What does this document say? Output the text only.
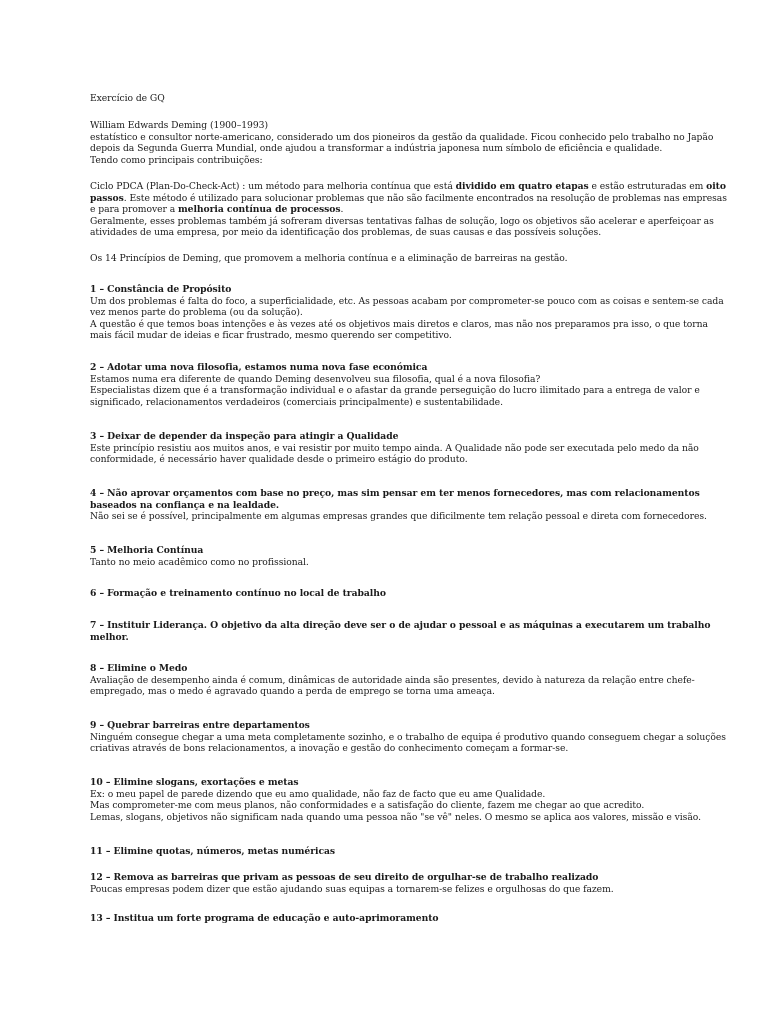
Exercício de GQ
William Edwards Deming (1900–1993)
estatístico e consultor norte-americano, considerado um dos pioneiros da gestão da qualidade. Ficou conhecido pelo trabalho no Japão
depois da Segunda Guerra Mundial, onde ajudou a transformar a indústria japonesa num símbolo de eficiência e qualidade.
Tendo como principais contribuições:
Ciclo PDCA (Plan-Do-Check-Act) : um método para melhoria contínua que está dividido em quatro etapas e estão estruturadas em oito
passos. Este método é utilizado para solucionar problemas que não são facilmente encontrados na resolução de problemas nas empresas
e para promover a melhoria contínua de processos.
Geralmente, esses problemas também já sofreram diversas tentativas falhas de solução, logo os objetivos são acelerar e aperfeiçoar as
atividades de uma empresa, por meio da identificação dos problemas, de suas causas e das possíveis soluções.
Os 14 Princípios de Deming, que promovem a melhoria contínua e a eliminação de barreiras na gestão.
1 – Constância de Propósito
Um dos problemas é falta do foco, a superficialidade, etc. As pessoas acabam por comprometer-se pouco com as coisas e sentem-se cada
vez menos parte do problema (ou da solução).
A questão é que temos boas intenções e às vezes até os objetivos mais diretos e claros, mas não nos preparamos pra isso, o que torna
mais fácil mudar de ideias e ficar frustrado, mesmo querendo ser competitivo.
2 – Adotar uma nova filosofia, estamos numa nova fase económica
Estamos numa era diferente de quando Deming desenvolveu sua filosofia, qual é a nova filosofia?
Especialistas dizem que é a transformação individual e o afastar da grande perseguição do lucro ilimitado para a entrega de valor e
significado, relacionamentos verdadeiros (comerciais principalmente) e sustentabilidade.
3 – Deixar de depender da inspeção para atingir a Qualidade
Este princípio resistiu aos muitos anos, e vai resistir por muito tempo ainda. A Qualidade não pode ser executada pelo medo da não
conformidade, é necessário haver qualidade desde o primeiro estágio do produto.
4 – Não aprovar orçamentos com base no preço, mas sim pensar em ter menos fornecedores, mas com relacionamentos
baseados na confiança e na lealdade.
Não sei se é possível, principalmente em algumas empresas grandes que dificilmente tem relação pessoal e direta com fornecedores.
5 – Melhoria Contínua
Tanto no meio acadêmico como no profissional.
6 – Formação e treinamento contínuo no local de trabalho
7 – Instituir Liderança. O objetivo da alta direção deve ser o de ajudar o pessoal e as máquinas a executarem um trabalho
melhor.
8 – Elimine o Medo
Avaliação de desempenho ainda é comum, dinâmicas de autoridade ainda são presentes, devido à natureza da relação entre chefe-
empregado, mas o medo é agravado quando a perda de emprego se torna uma ameaça.
9 – Quebrar barreiras entre departamentos
Ninguém consegue chegar a uma meta completamente sozinho, e o trabalho de equipa é produtivo quando conseguem chegar a soluções
criativas através de bons relacionamentos, a inovação e gestão do conhecimento começam a formar-se.
10 – Elimine slogans, exortações e metas
Ex: o meu papel de parede dizendo que eu amo qualidade, não faz de facto que eu ame Qualidade.
Mas comprometer-me com meus planos, não conformidades e a satisfação do cliente, fazem me chegar ao que acredito.
Lemas, slogans, objetivos não significam nada quando uma pessoa não "se vê" neles. O mesmo se aplica aos valores, missão e visão.
11 – Elimine quotas, números, metas numéricas
12 – Remova as barreiras que privam as pessoas de seu direito de orgulhar-se de trabalho realizado
Poucas empresas podem dizer que estão ajudando suas equipas a tornarem-se felizes e orgulhosas do que fazem.
13 – Institua um forte programa de educação e auto-aprimoramento
